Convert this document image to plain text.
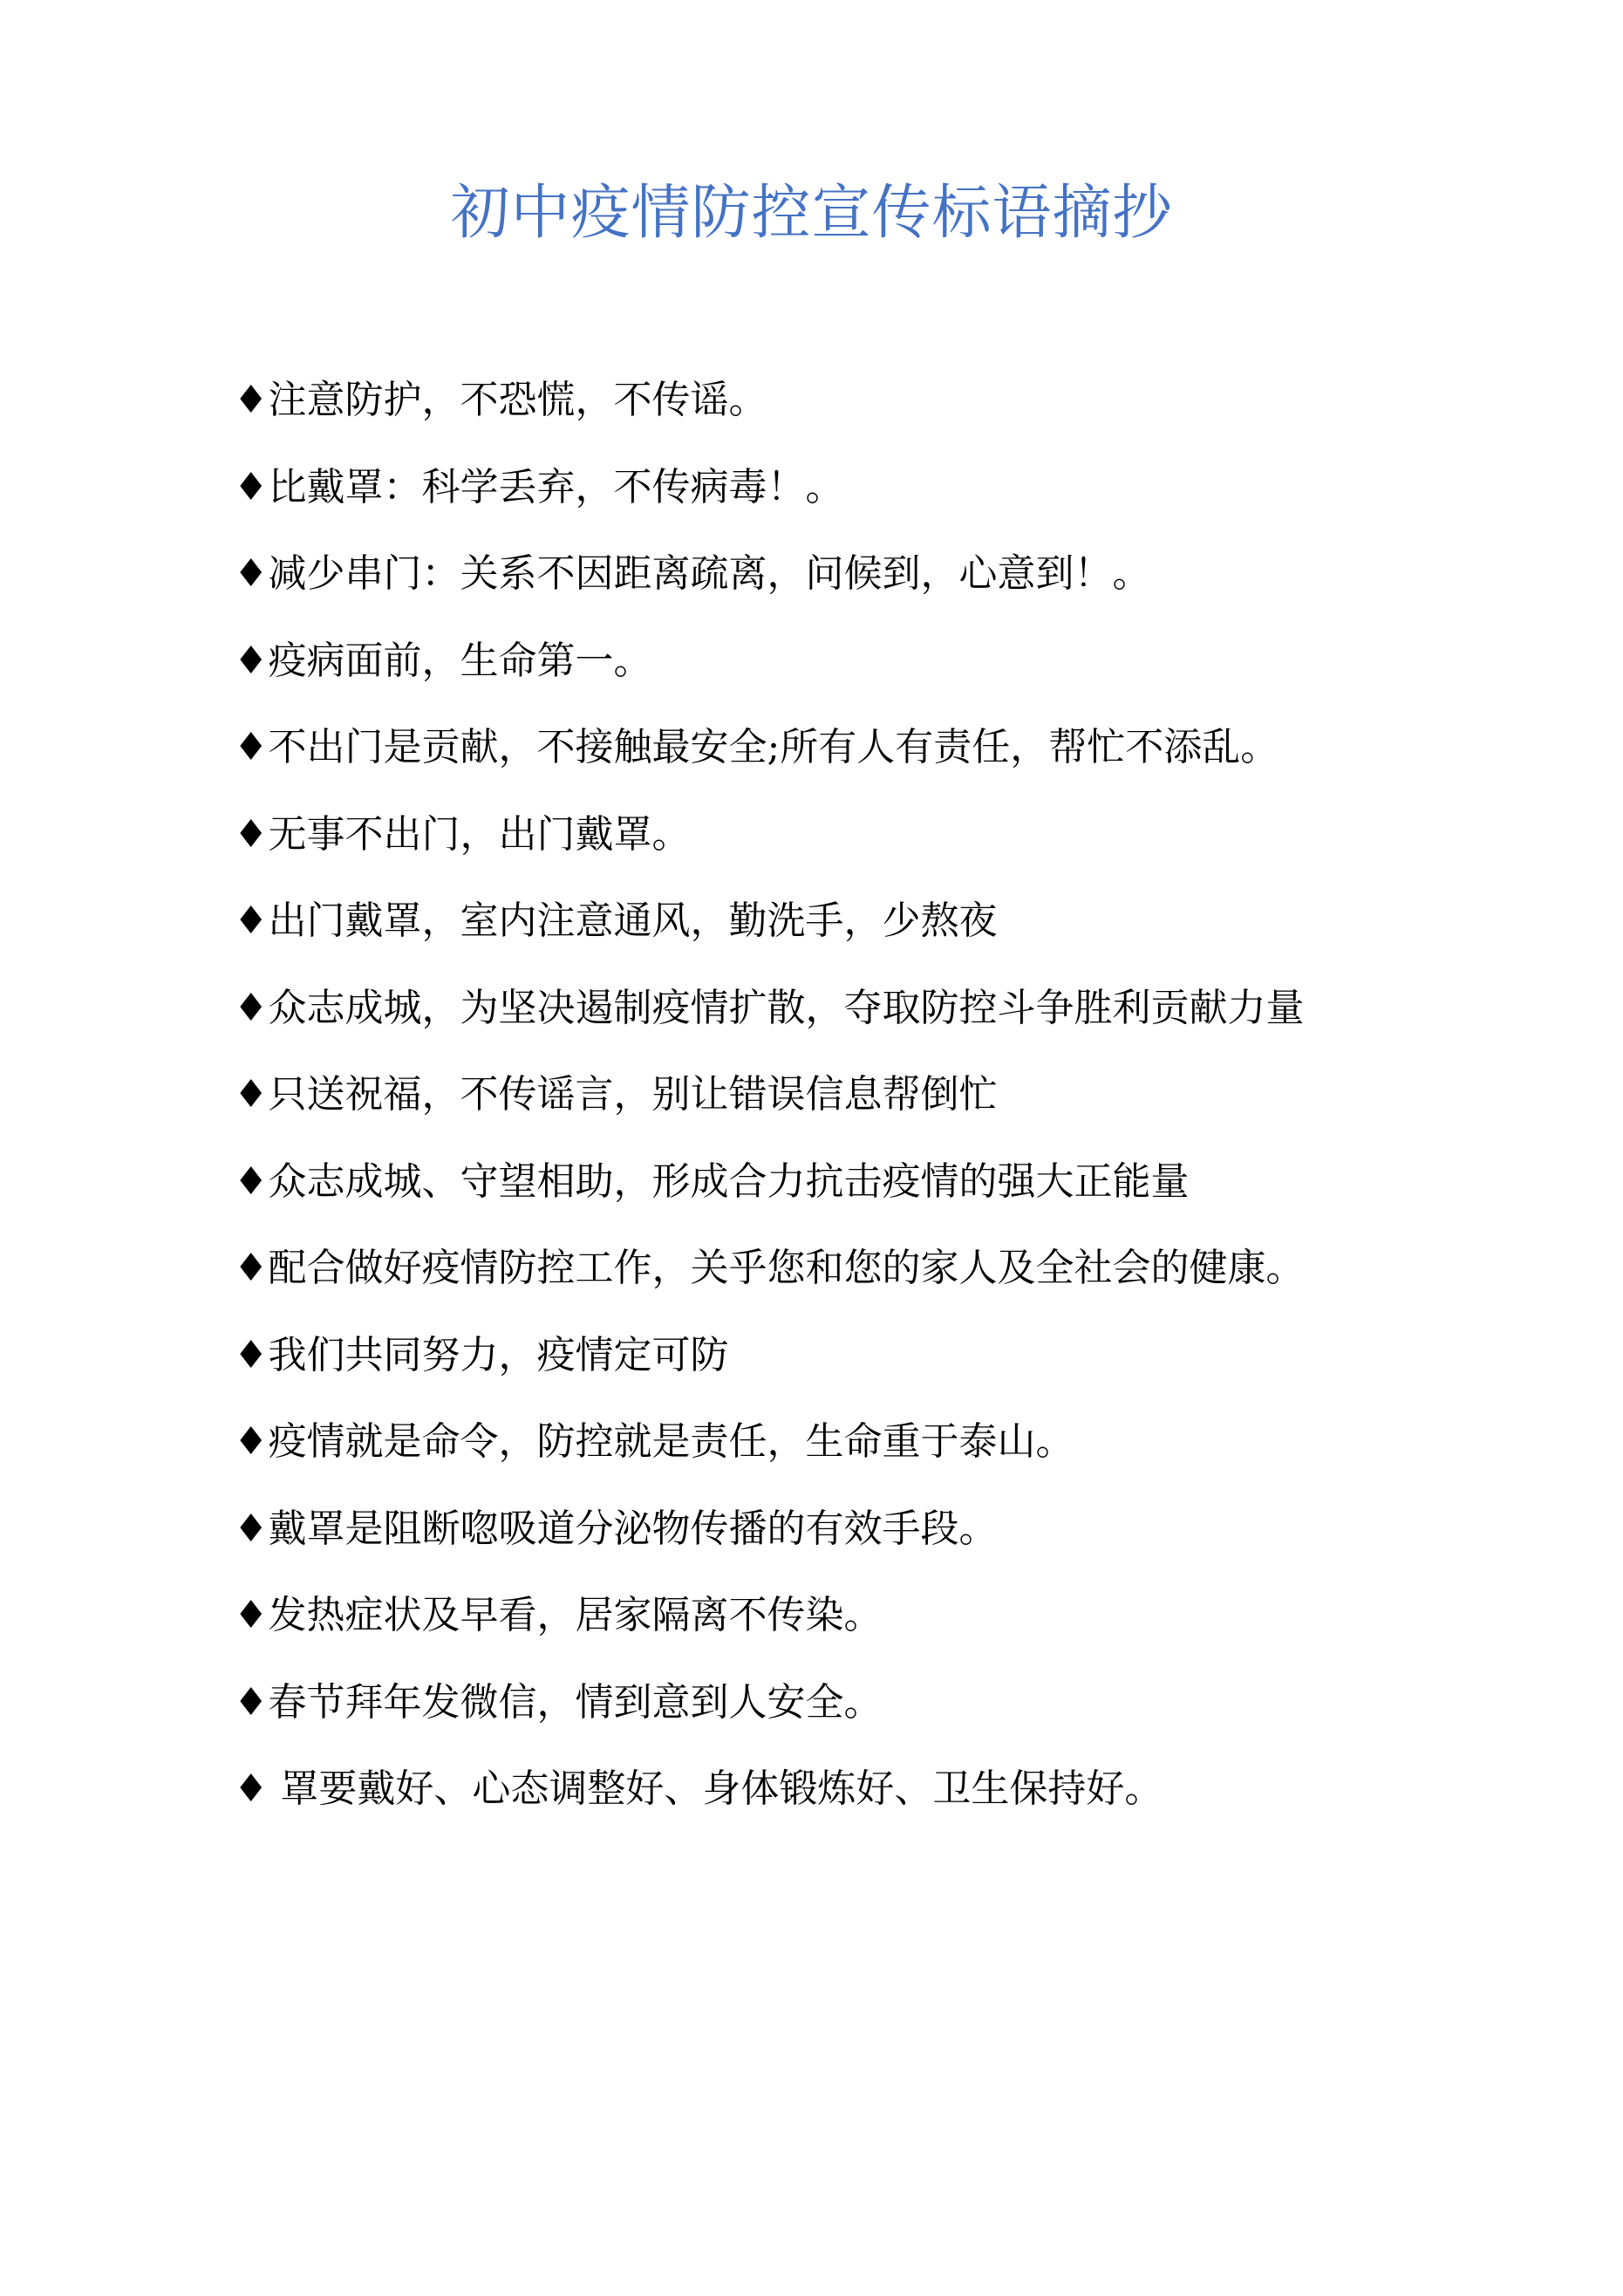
初中疫情防控宣传标语摘抄
♦注意防护，不恐慌，不传谣。
♦比戴罩：科学丢弃，不传病毒！。
♦减少串门：关系不因距离疏离，问候到，心意到！。
♦疫病面前，生命第一。
♦不出门是贡献，不接触最安全;所有人有责任，帮忙不添乱。
♦无事不出门，出门戴罩。
♦出门戴罩，室内注意通风，勤洗手，少熬夜
♦众志成城，为坚决遏制疫情扩散，夺取防控斗争胜利贡献力量
♦只送祝福，不传谣言，别让错误信息帮倒忙
♦众志成城、守望相助，形成合力抗击疫情的强大正能量
♦配合做好疫情防控工作，关乎您和您的家人及全社会的健康。
♦我们共同努力，疫情定可防
♦疫情就是命令，防控就是责任，生命重于泰山。
♦戴罩是阻断唿吸道分泌物传播的有效手段。
♦发热症状及早看，居家隔离不传染。
♦春节拜年发微信，情到意到人安全。
♦ 罩要戴好、心态调整好、身体锻炼好、卫生保持好。
